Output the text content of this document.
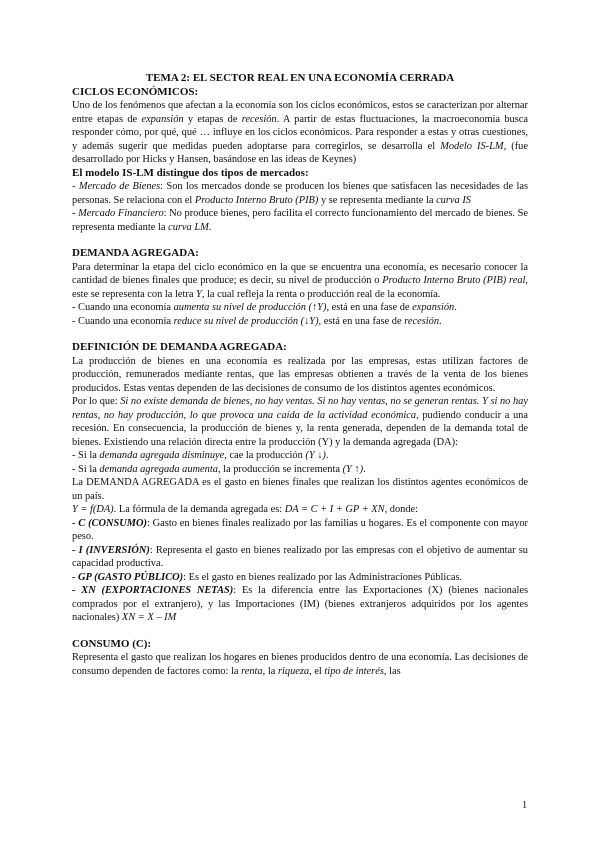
TEMA 2: EL SECTOR REAL EN UNA ECONOMÍA CERRADA

CICLOS ECONÓMICOS:

Uno de los fenómenos que afectan a la economía son los ciclos económicos, estos se caracterizan por alternar entre etapas de expansión y etapas de recesión. A partir de estas fluctuaciones, la macroeconomía busca responder cómo, por qué, qué … influye en los ciclos económicos. Para responder a estas y otras cuestiones, y además sugerir que medidas pueden adoptarse para corregirlos, se desarrolla el Modelo IS-LM, (fue desarrollado por Hicks y Hansen, basándose en las ideas de Keynes)

El modelo IS-LM distingue dos tipos de mercados:

- Mercado de Bienes: Son los mercados donde se producen los bienes que satisfacen las necesidades de las personas. Se relaciona con el Producto Interno Bruto (PIB) y se representa mediante la curva IS

- Mercado Financiero: No produce bienes, pero facilita el correcto funcionamiento del mercado de bienes. Se representa mediante la curva LM.

DEMANDA AGREGADA:

Para determinar la etapa del ciclo económico en la que se encuentra una economía, es necesario conocer la cantidad de bienes finales que produce; es decir, su nivel de producción o Producto Interno Bruto (PIB) real, este se representa con la letra Y, la cual refleja la renta o producción real de la economía.

- Cuando una economía aumenta su nivel de producción (↑Y), está en una fase de expansión.

- Cuando una economía reduce su nivel de producción (↓Y), está en una fase de recesión.

DEFINICIÓN DE DEMANDA AGREGADA:

La producción de bienes en una economía es realizada por las empresas, estas utilizan factores de producción, remunerados mediante rentas, que las empresas obtienen a través de la venta de los bienes producidos. Estas ventas dependen de las decisiones de consumo de los distintos agentes económicos.

Por lo que: Si no existe demanda de bienes, no hay ventas. Si no hay ventas, no se generan rentas. Y si no hay rentas, no hay producción, lo que provoca una caída de la actividad económica, pudiendo conducir a una recesión. En consecuencia, la producción de bienes y, la renta generada, dependen de la demanda total de bienes. Existiendo una relación directa entre la producción (Y) y la demanda agregada (DA):

- Si la demanda agregada disminuye, cae la producción (Y ↓).

- Si la demanda agregada aumenta, la producción se incrementa (Y ↑).

La DEMANDA AGREGADA es el gasto en bienes finales que realizan los distintos agentes económicos de un país.

Y = f(DA). La fórmula de la demanda agregada es: DA = C + I + GP + XN, donde:

- C (CONSUMO): Gasto en bienes finales realizado por las familias u hogares. Es el componente con mayor peso.

- I (INVERSIÓN): Representa el gasto en bienes realizado por las empresas con el objetivo de aumentar su capacidad productiva.

- GP (GASTO PÚBLICO): Es el gasto en bienes realizado por las Administraciones Públicas.

- XN (EXPORTACIONES NETAS): Es la diferencia entre las Exportaciones (X) (bienes nacionales comprados por el extranjero), y las Importaciones (IM) (bienes extranjeros adquiridos por los agentes nacionales) XN = X – IM

CONSUMO (C):

Representa el gasto que realizan los hogares en bienes producidos dentro de una economía. Las decisiones de consumo dependen de factores como: la renta, la riqueza, el tipo de interés, las

1
